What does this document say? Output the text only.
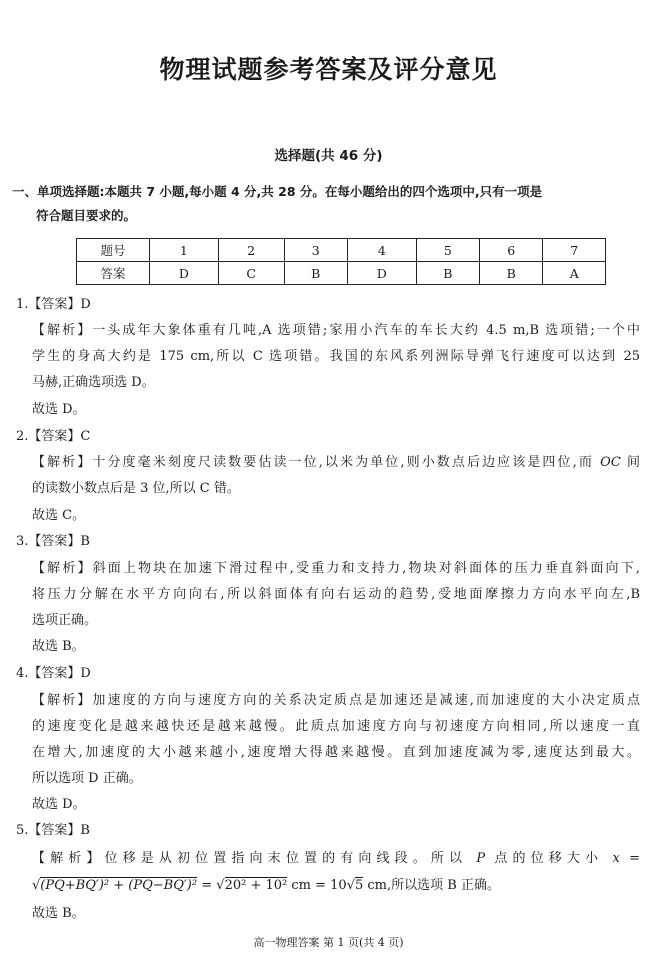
物理试题参考答案及评分意见
选择题(共 46 分)
一、单项选择题:本题共 7 小题,每小题 4 分,共 28 分。在每小题给出的四个选项中,只有一项是
符合题目要求的。
题号	1	2	3	4	5	6	7
答案	D	C	B	D	B	B	A
1.【答案】D
【解析】一头成年大象体重有几吨,A 选项错;家用小汽车的车长大约 4.5 m,B 选项错;一个中
学生的身高大约是 175 cm,所以 C 选项错。我国的东风系列洲际导弹飞行速度可以达到 25
马赫,正确选项选 D。
故选 D。
2.【答案】C
【解析】十分度毫米刻度尺读数要估读一位,以米为单位,则小数点后边应该是四位,而 OC 间
的读数小数点后是 3 位,所以 C 错。
故选 C。
3.【答案】B
【解析】斜面上物块在加速下滑过程中,受重力和支持力,物块对斜面体的压力垂直斜面向下,
将压力分解在水平方向向右,所以斜面体有向右运动的趋势,受地面摩擦力方向水平向左,B
选项正确。
故选 B。
4.【答案】D
【解析】加速度的方向与速度方向的关系决定质点是加速还是减速,而加速度的大小决定质点
的速度变化是越来越快还是越来越慢。此质点加速度方向与初速度方向相同,所以速度一直
在增大,加速度的大小越来越小,速度增大得越来越慢。直到加速度减为零,速度达到最大。
所以选项 D 正确。
故选 D。
5.【答案】B
【解析】位移是从初位置指向末位置的有向线段。所以 P 点的位移大小 x =
√(PQ+BQ′)² + (PQ−BQ′)² = √20² + 10² cm = 10√5 cm,所以选项 B 正确。
故选 B。
高一物理答案 第 1 页(共 4 页)
